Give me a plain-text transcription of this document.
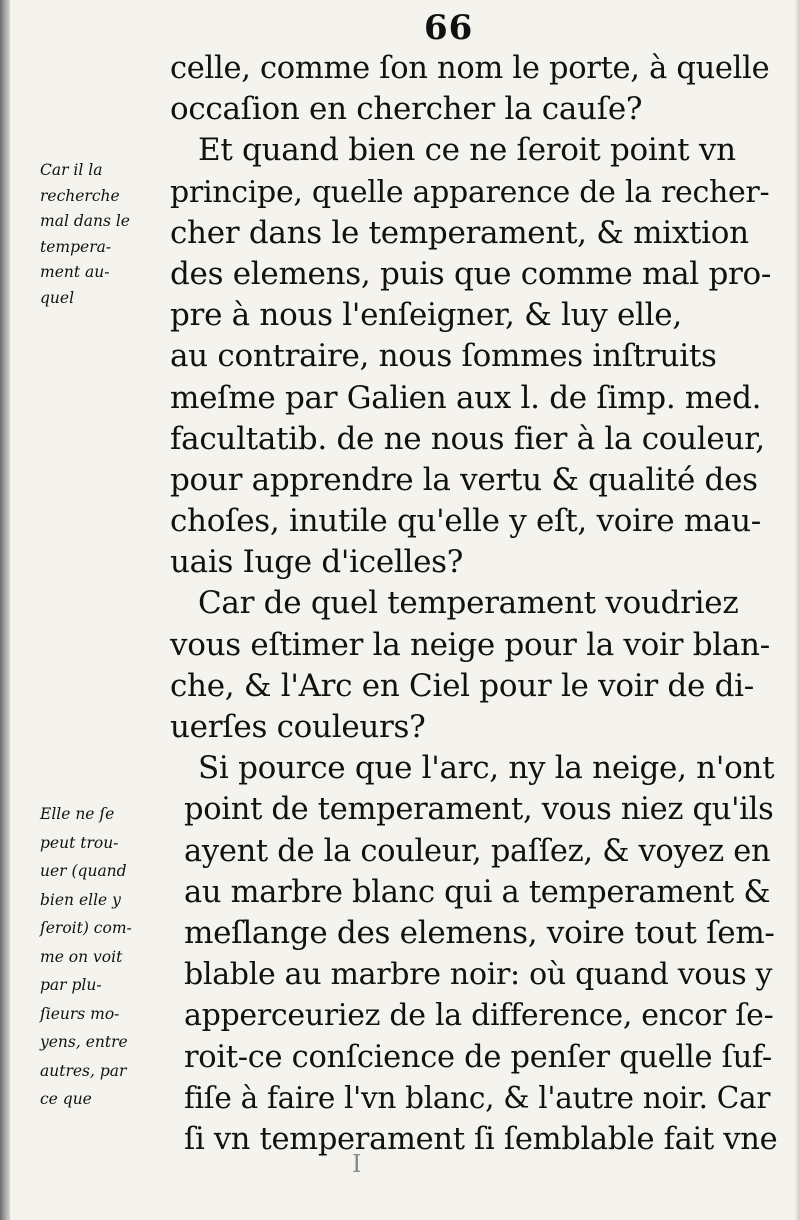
66
Car il la
recherche
mal dans le
tempera-
ment au-
quel
Elle ne ſe
peut trou-
uer (quand
bien elle y
ſeroit) com-
me on voit
par plu-
ſieurs mo-
yens, entre
autres, par
ce que
celle, comme ſon nom le porte, à quelle
occaſion en chercher la cauſe?
Et quand bien ce ne ſeroit point vn
principe, quelle apparence de la recher-
cher dans le temperament, & mixtion
des elemens, puis que comme mal pro-
pre à nous l'enſeigner, & luy elle,
au contraire, nous ſommes inſtruits
meſme par Galien aux l. de ſimp. med.
facultatib. de ne nous fier à la couleur,
pour apprendre la vertu & qualité des
choſes, inutile qu'elle y eſt, voire mau-
uais Iuge d'icelles?
Car de quel temperament voudriez
vous eſtimer la neige pour la voir blan-
che, & l'Arc en Ciel pour le voir de di-
uerſes couleurs?
Si pource que l'arc, ny la neige, n'ont
point de temperament, vous niez qu'ils
ayent de la couleur, paſſez, & voyez en
au marbre blanc qui a temperament &
meſlange des elemens, voire tout ſem-
blable au marbre noir: où quand vous y
apperceuriez de la difference, encor ſe-
roit-ce conſcience de penſer quelle ſuf-
fiſe à faire l'vn blanc, & l'autre noir. Car
ſi vn temperament ſi ſemblable fait vne
I
